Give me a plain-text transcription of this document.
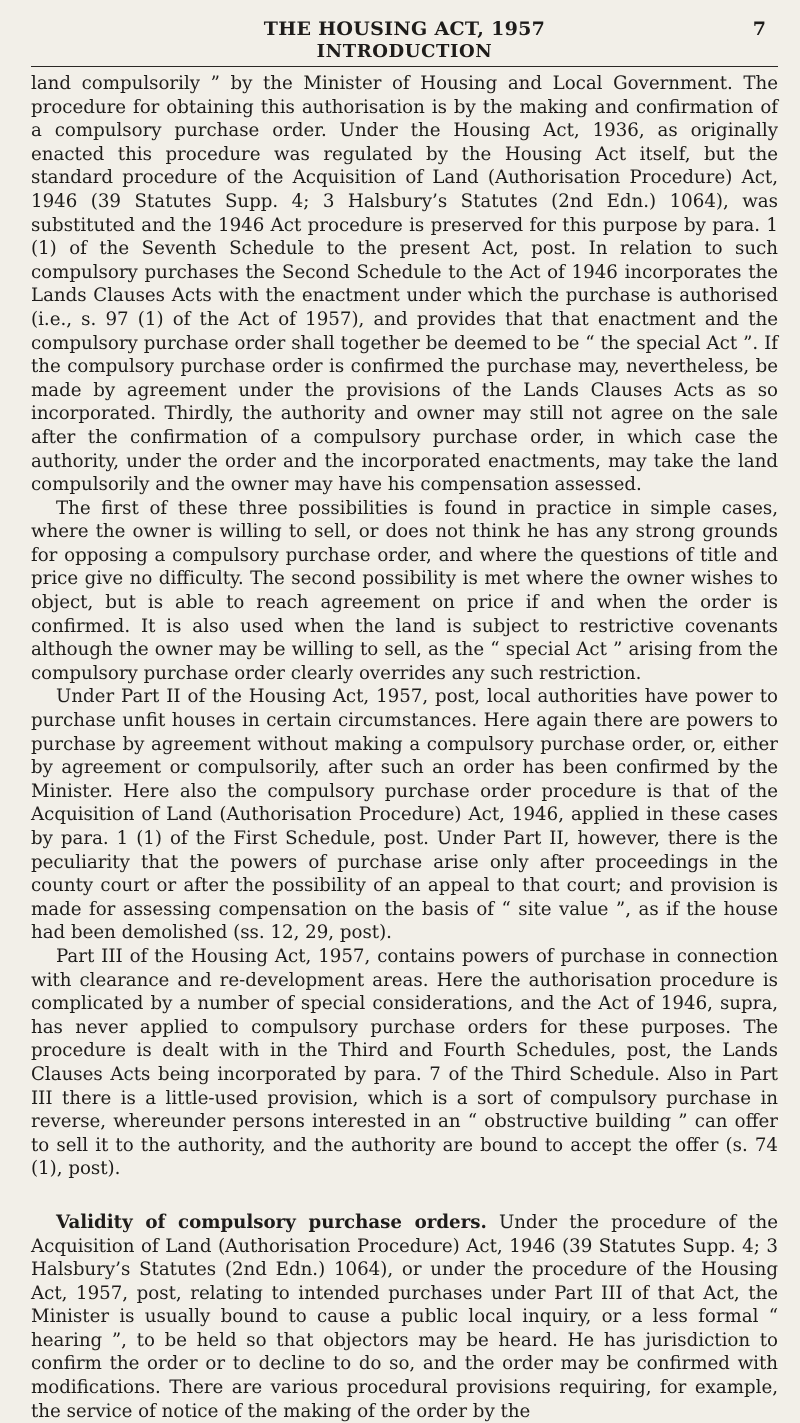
THE HOUSING ACT, 1957	7
INTRODUCTION

land compulsorily ” by the Minister of Housing and Local Government. The procedure for obtaining this authorisation is by the making and confirmation of a compulsory purchase order. Under the Housing Act, 1936, as originally enacted this procedure was regulated by the Housing Act itself, but the standard procedure of the Acquisition of Land (Authorisation Procedure) Act, 1946 (39 Statutes Supp. 4; 3 Halsbury’s Statutes (2nd Edn.) 1064), was substituted and the 1946 Act procedure is preserved for this purpose by para. 1 (1) of the Seventh Schedule to the present Act, post. In relation to such compulsory purchases the Second Schedule to the Act of 1946 incorporates the Lands Clauses Acts with the enactment under which the purchase is authorised (i.e., s. 97 (1) of the Act of 1957), and provides that that enactment and the compulsory purchase order shall together be deemed to be “ the special Act ”. If the compulsory purchase order is confirmed the purchase may, nevertheless, be made by agreement under the provisions of the Lands Clauses Acts as so incorporated. Thirdly, the authority and owner may still not agree on the sale after the confirmation of a compulsory purchase order, in which case the authority, under the order and the incorporated enactments, may take the land compulsorily and the owner may have his compensation assessed.

The first of these three possibilities is found in practice in simple cases, where the owner is willing to sell, or does not think he has any strong grounds for opposing a compulsory purchase order, and where the questions of title and price give no difficulty. The second possibility is met where the owner wishes to object, but is able to reach agreement on price if and when the order is confirmed. It is also used when the land is subject to restrictive covenants although the owner may be willing to sell, as the “ special Act ” arising from the compulsory purchase order clearly overrides any such restriction.

Under Part II of the Housing Act, 1957, post, local authorities have power to purchase unfit houses in certain circumstances. Here again there are powers to purchase by agreement without making a compulsory purchase order, or, either by agreement or compulsorily, after such an order has been confirmed by the Minister. Here also the compulsory purchase order procedure is that of the Acquisition of Land (Authorisation Procedure) Act, 1946, applied in these cases by para. 1 (1) of the First Schedule, post. Under Part II, however, there is the peculiarity that the powers of purchase arise only after proceedings in the county court or after the possibility of an appeal to that court; and provision is made for assessing compensation on the basis of “ site value ”, as if the house had been demolished (ss. 12, 29, post).

Part III of the Housing Act, 1957, contains powers of purchase in connection with clearance and re-development areas. Here the authorisation procedure is complicated by a number of special considerations, and the Act of 1946, supra, has never applied to compulsory purchase orders for these purposes. The procedure is dealt with in the Third and Fourth Schedules, post, the Lands Clauses Acts being incorporated by para. 7 of the Third Schedule. Also in Part III there is a little-used provision, which is a sort of compulsory purchase in reverse, whereunder persons interested in an “ obstructive building ” can offer to sell it to the authority, and the authority are bound to accept the offer (s. 74 (1), post).

Validity of compulsory purchase orders. Under the procedure of the Acquisition of Land (Authorisation Procedure) Act, 1946 (39 Statutes Supp. 4; 3 Halsbury’s Statutes (2nd Edn.) 1064), or under the procedure of the Housing Act, 1957, post, relating to intended purchases under Part III of that Act, the Minister is usually bound to cause a public local inquiry, or a less formal “ hearing ”, to be held so that objectors may be heard. He has jurisdiction to confirm the order or to decline to do so, and the order may be confirmed with modifications. There are various procedural provisions requiring, for example, the service of notice of the making of the order by the
